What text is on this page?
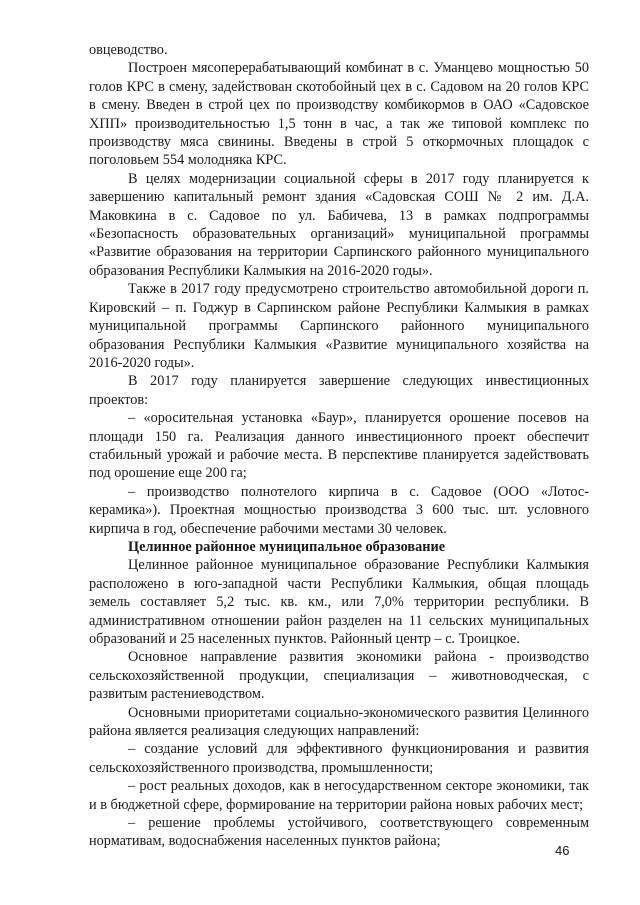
овцеводство.

Построен мясоперерабатывающий комбинат в с. Уманцево мощностью 50 голов КРС в смену, задействован скотобойный цех в с. Садовом на 20 голов КРС в смену. Введен в строй цех по производству комбикормов в ОАО «Садовское ХПП» производительностью 1,5 тонн в час, а так же типовой комплекс по производству мяса свинины. Введены в строй 5 откормочных площадок с поголовьем 554 молодняка КРС.

В целях модернизации социальной сферы в 2017 году планируется к завершению капитальный ремонт здания «Садовская СОШ № 2 им. Д.А. Маковкина в с. Садовое по ул. Бабичева, 13 в рамках подпрограммы «Безопасность образовательных организаций» муниципальной программы «Развитие образования на территории Сарпинского районного муниципального образования Республики Калмыкия на 2016-2020 годы».

Также в 2017 году предусмотрено строительство автомобильной дороги п. Кировский – п. Годжур в Сарпинском районе Республики Калмыкия в рамках муниципальной программы Сарпинского районного муниципального образования Республики Калмыкия «Развитие муниципального хозяйства на 2016-2020 годы».

В 2017 году планируется завершение следующих инвестиционных проектов:

– «оросительная установка «Баур», планируется орошение посевов на площади 150 га. Реализация данного инвестиционного проект обеспечит стабильный урожай и рабочие места. В перспективе планируется задействовать под орошение еще 200 га;

– производство полнотелого кирпича в с. Садовое (ООО «Лотос-керамика»). Проектная мощностью производства 3 600 тыс. шт. условного кирпича в год, обеспечение рабочими местами 30 человек.

Целинное районное муниципальное образование

Целинное районное муниципальное образование Республики Калмыкия расположено в юго-западной части Республики Калмыкия, общая площадь земель составляет 5,2 тыс. кв. км., или 7,0% территории республики. В административном отношении район разделен на 11 сельских муниципальных образований и 25 населенных пунктов. Районный центр – с. Троицкое.

Основное направление развития экономики района - производство сельскохозяйственной продукции, специализация – животноводческая, с развитым растениеводством.

Основными приоритетами социально-экономического развития Целинного района является реализация следующих направлений:

– создание условий для эффективного функционирования и развития сельскохозяйственного производства, промышленности;

– рост реальных доходов, как в негосударственном секторе экономики, так и в бюджетной сфере, формирование на территории района новых рабочих мест;

– решение проблемы устойчивого, соответствующего современным нормативам, водоснабжения населенных пунктов района;

46
